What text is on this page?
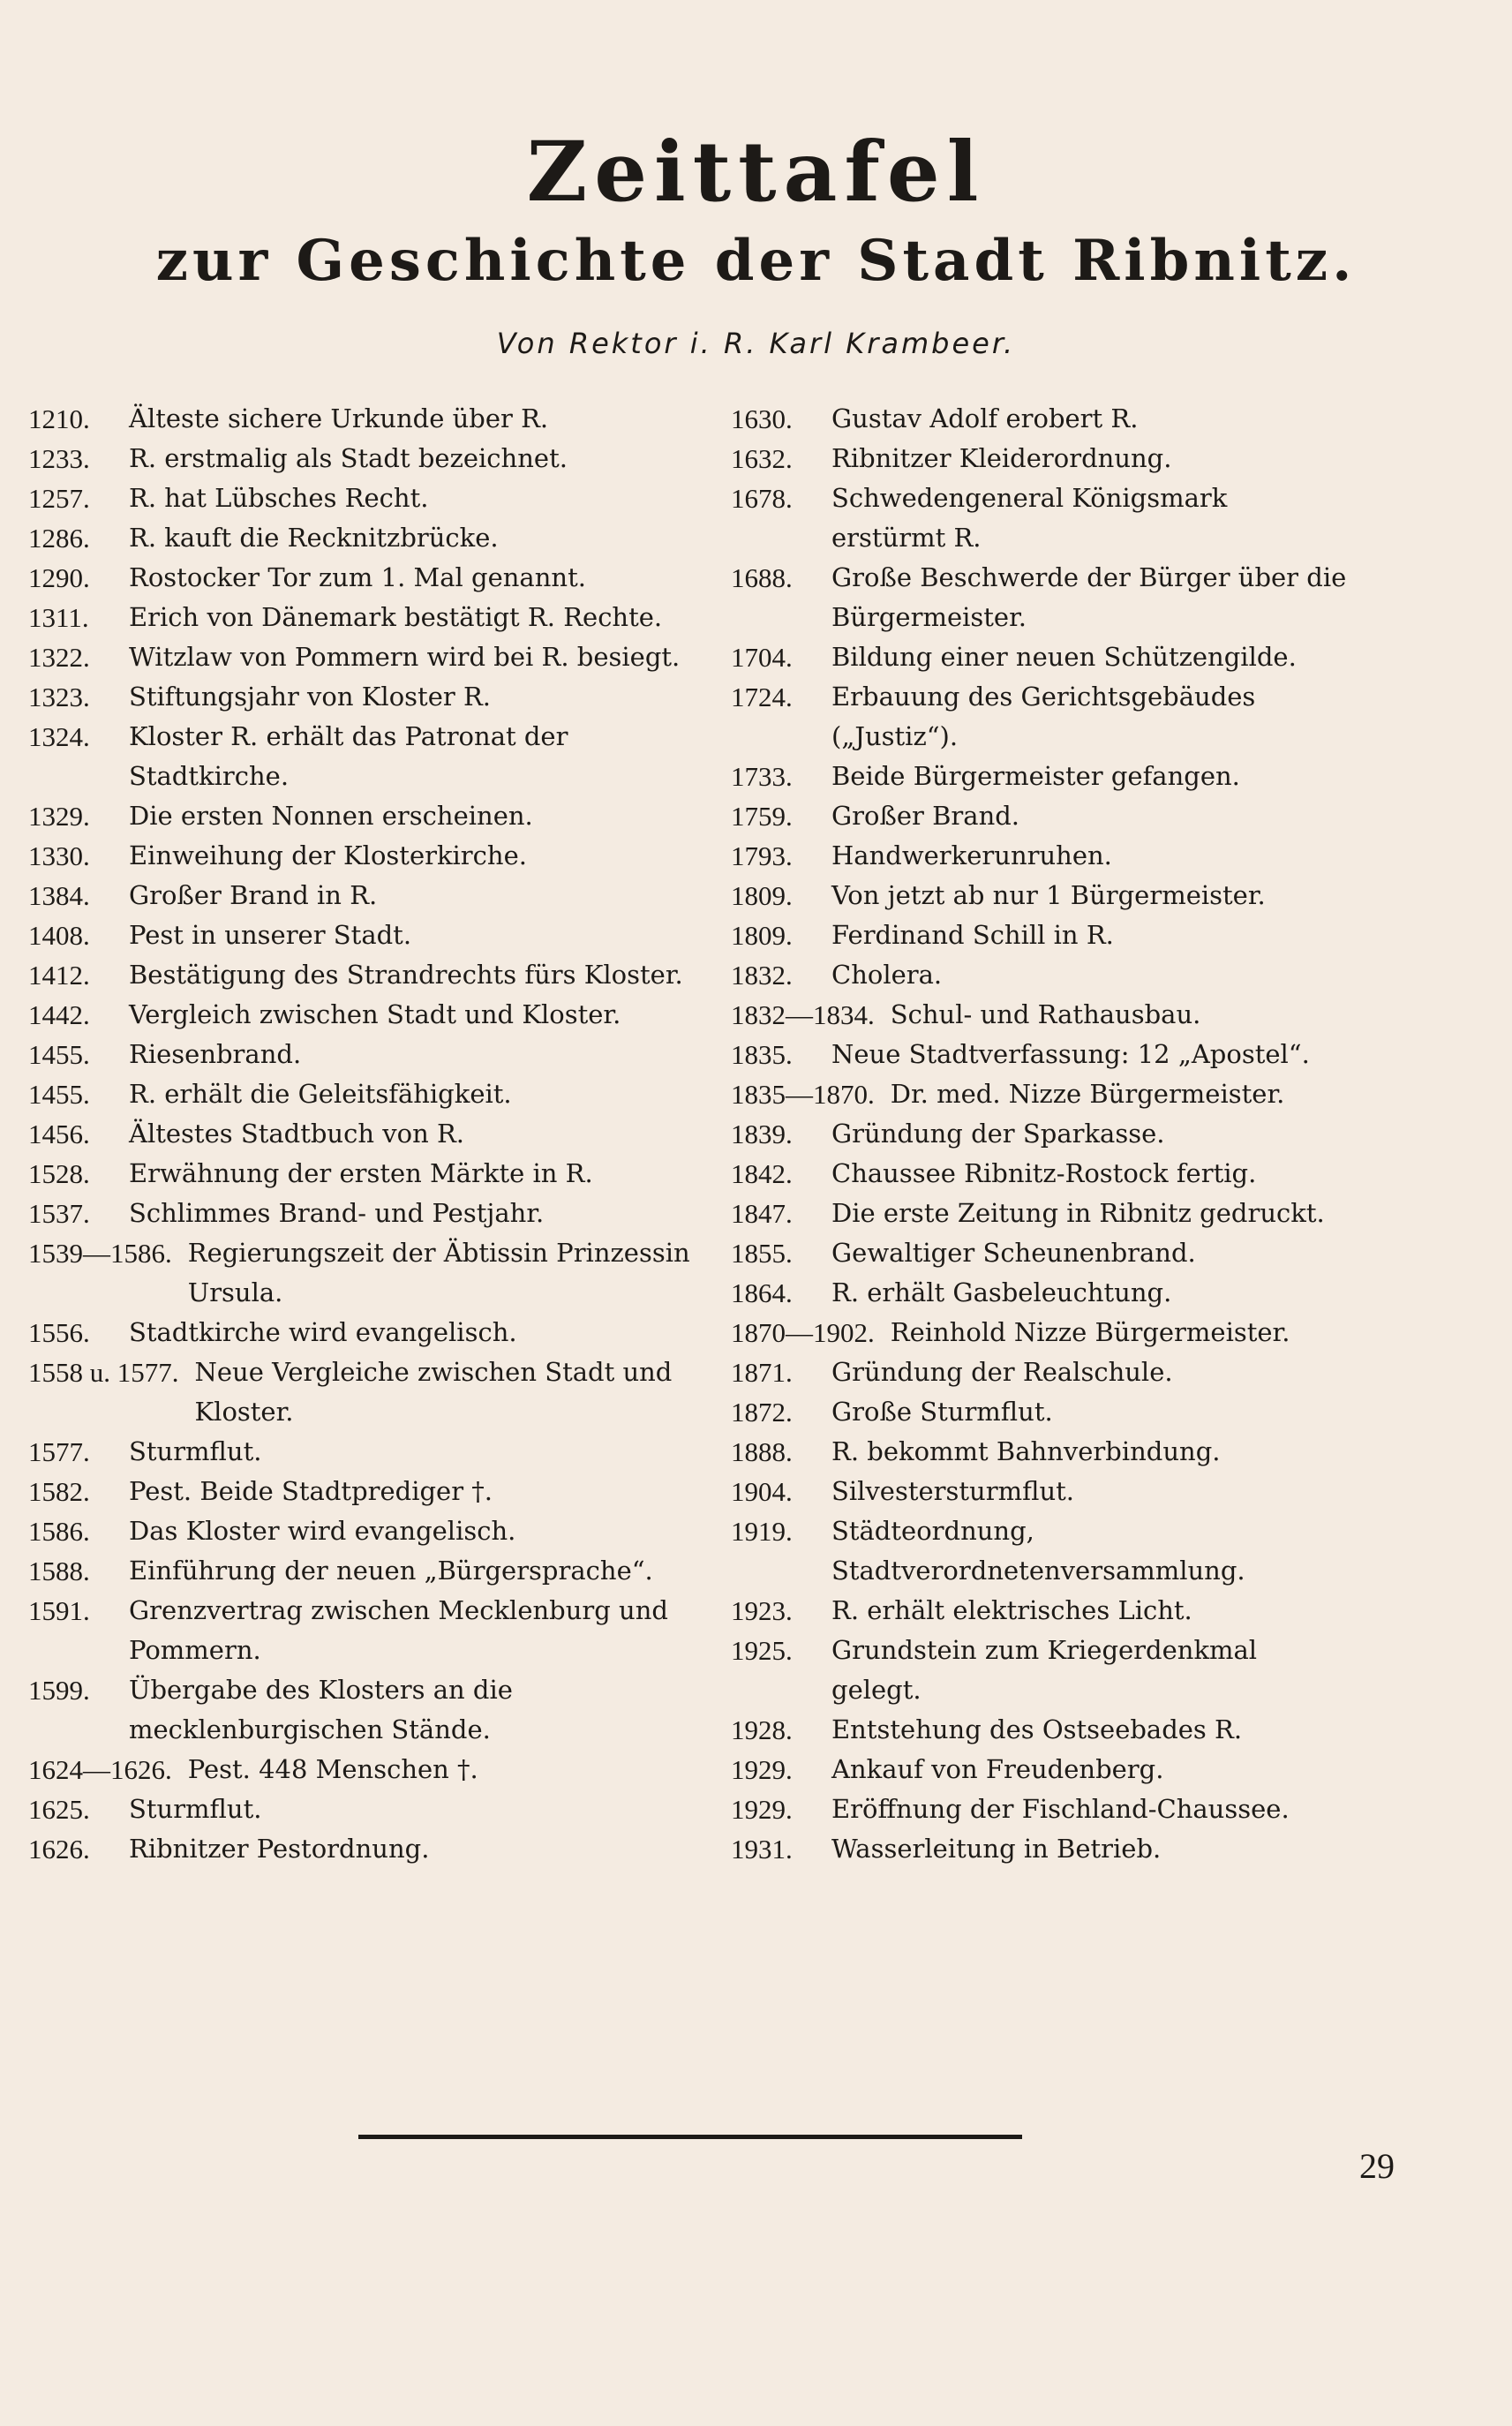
Zeittafel
zur Geschichte der Stadt Ribnitz.
Von Rektor i. R. Karl Krambeer.
1210.	Älteste sichere Urkunde über R.
1233.	R. erstmalig als Stadt bezeichnet.
1257.	R. hat Lübsches Recht.
1286.	R. kauft die Recknitzbrücke.
1290.	Rostocker Tor zum 1. Mal genannt.
1311.	Erich von Dänemark bestätigt R. Rechte.
1322.	Witzlaw von Pommern wird bei R. besiegt.
1323.	Stiftungsjahr von Kloster R.
1324.	Kloster R. erhält das Patronat der Stadtkirche.
1329.	Die ersten Nonnen erscheinen.
1330.	Einweihung der Klosterkirche.
1384.	Großer Brand in R.
1408.	Pest in unserer Stadt.
1412.	Bestätigung des Strandrechts fürs Kloster.
1442.	Vergleich zwischen Stadt und Kloster.
1455.	Riesenbrand.
1455.	R. erhält die Geleitsfähigkeit.
1456.	Ältestes Stadtbuch von R.
1528.	Erwähnung der ersten Märkte in R.
1537.	Schlimmes Brand- und Pestjahr.
1539—1586. Regierungszeit der Äbtissin Prinzessin Ursula.
1556.	Stadtkirche wird evangelisch.
1558 u. 1577. Neue Vergleiche zwischen Stadt und Kloster.
1577.	Sturmflut.
1582.	Pest. Beide Stadtprediger †.
1586.	Das Kloster wird evangelisch.
1588.	Einführung der neuen „Bürgersprache“.
1591.	Grenzvertrag zwischen Mecklenburg und Pommern.
1599.	Übergabe des Klosters an die mecklenburgischen Stände.
1624—1626. Pest. 448 Menschen †.
1625.	Sturmflut.
1626.	Ribnitzer Pestordnung.
1630.	Gustav Adolf erobert R.
1632.	Ribnitzer Kleiderordnung.
1678.	Schwedengeneral Königsmark erstürmt R.
1688.	Große Beschwerde der Bürger über die Bürgermeister.
1704.	Bildung einer neuen Schützengilde.
1724.	Erbauung des Gerichtsgebäudes („Justiz“).
1733.	Beide Bürgermeister gefangen.
1759.	Großer Brand.
1793.	Handwerkerunruhen.
1809.	Von jetzt ab nur 1 Bürgermeister.
1809.	Ferdinand Schill in R.
1832.	Cholera.
1832—1834. Schul- und Rathausbau.
1835.	Neue Stadtverfassung: 12 „Apostel“.
1835—1870. Dr. med. Nizze Bürgermeister.
1839.	Gründung der Sparkasse.
1842.	Chaussee Ribnitz-Rostock fertig.
1847.	Die erste Zeitung in Ribnitz gedruckt.
1855.	Gewaltiger Scheunenbrand.
1864.	R. erhält Gasbeleuchtung.
1870—1902. Reinhold Nizze Bürgermeister.
1871.	Gründung der Realschule.
1872.	Große Sturmflut.
1888.	R. bekommt Bahnverbindung.
1904.	Silvestersturmflut.
1919.	Städteordnung, Stadtverordnetenversammlung.
1923.	R. erhält elektrisches Licht.
1925.	Grundstein zum Kriegerdenkmal gelegt.
1928.	Entstehung des Ostseebades R.
1929.	Ankauf von Freudenberg.
1929.	Eröffnung der Fischland-Chaussee.
1931.	Wasserleitung in Betrieb.
29
